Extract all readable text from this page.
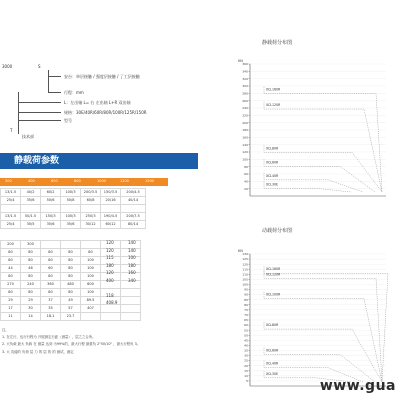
3000	S
安台：单层接触 / 强度层接触 / 了工层接触
行程：mm
L：左出轴 L= 右 左出轴 L+R 双出轴
规格：30E/40R/60R/80R/100R/125R/150R
型号
T
技术部
静载荷参数
300	400	600	800	1000	1200	1500
13/1.5	40/2	60/2	100/3	200/3.5	150/3.5	200/4.5
25/4	35/6	50/6	50/8	60/8	20/16	40/14

13/1.5	50/1.5	150/3	100/3	250/3	190/4.5	200/7.5
25/4	30/5	35/6	35/6	30/12	60/12	80/14
200	300					
80	80	80	80	80		
80	80	80	80	100		
44	46	60	80	100		
80	80	80	80	100		
270	240	360	480	600		
80	80	80	80	100		
29	29	37	49	89.5		
17	30	35	57	407		
11	14	18.1	23.7			
120	140
120	140
115	100
180	180
120	160
400	340
118
408.9
注，
1. 在左行，也行行程为 开展测定行距（测量），层之之合所。
2. 大负载 最大 负载 在 测量 达到 为99%的，最大行程 最重负 2"50/10" ，最大行程负 3。
3. 大 功能的 负荷 层 力 的 层 的 的 测试，测定
静载荷分布图
KN
360
340
320
300
280
260
240
220
200
180
160
140
120
100
80
60
40
20
XCL160R
XCL120R
XCL80R
XCL60R
XCL40R
XCL30E
动载荷分布图
KN
130
125
120
115
110
105
100
95
90
85
80
75
70
65
60
55
50
45
40
35
30
25
20
15
10
5
XCL160R
XCL120R
XCL100R
XCL80R
XCL60R
XCL40R
XCL30E
www.gua
